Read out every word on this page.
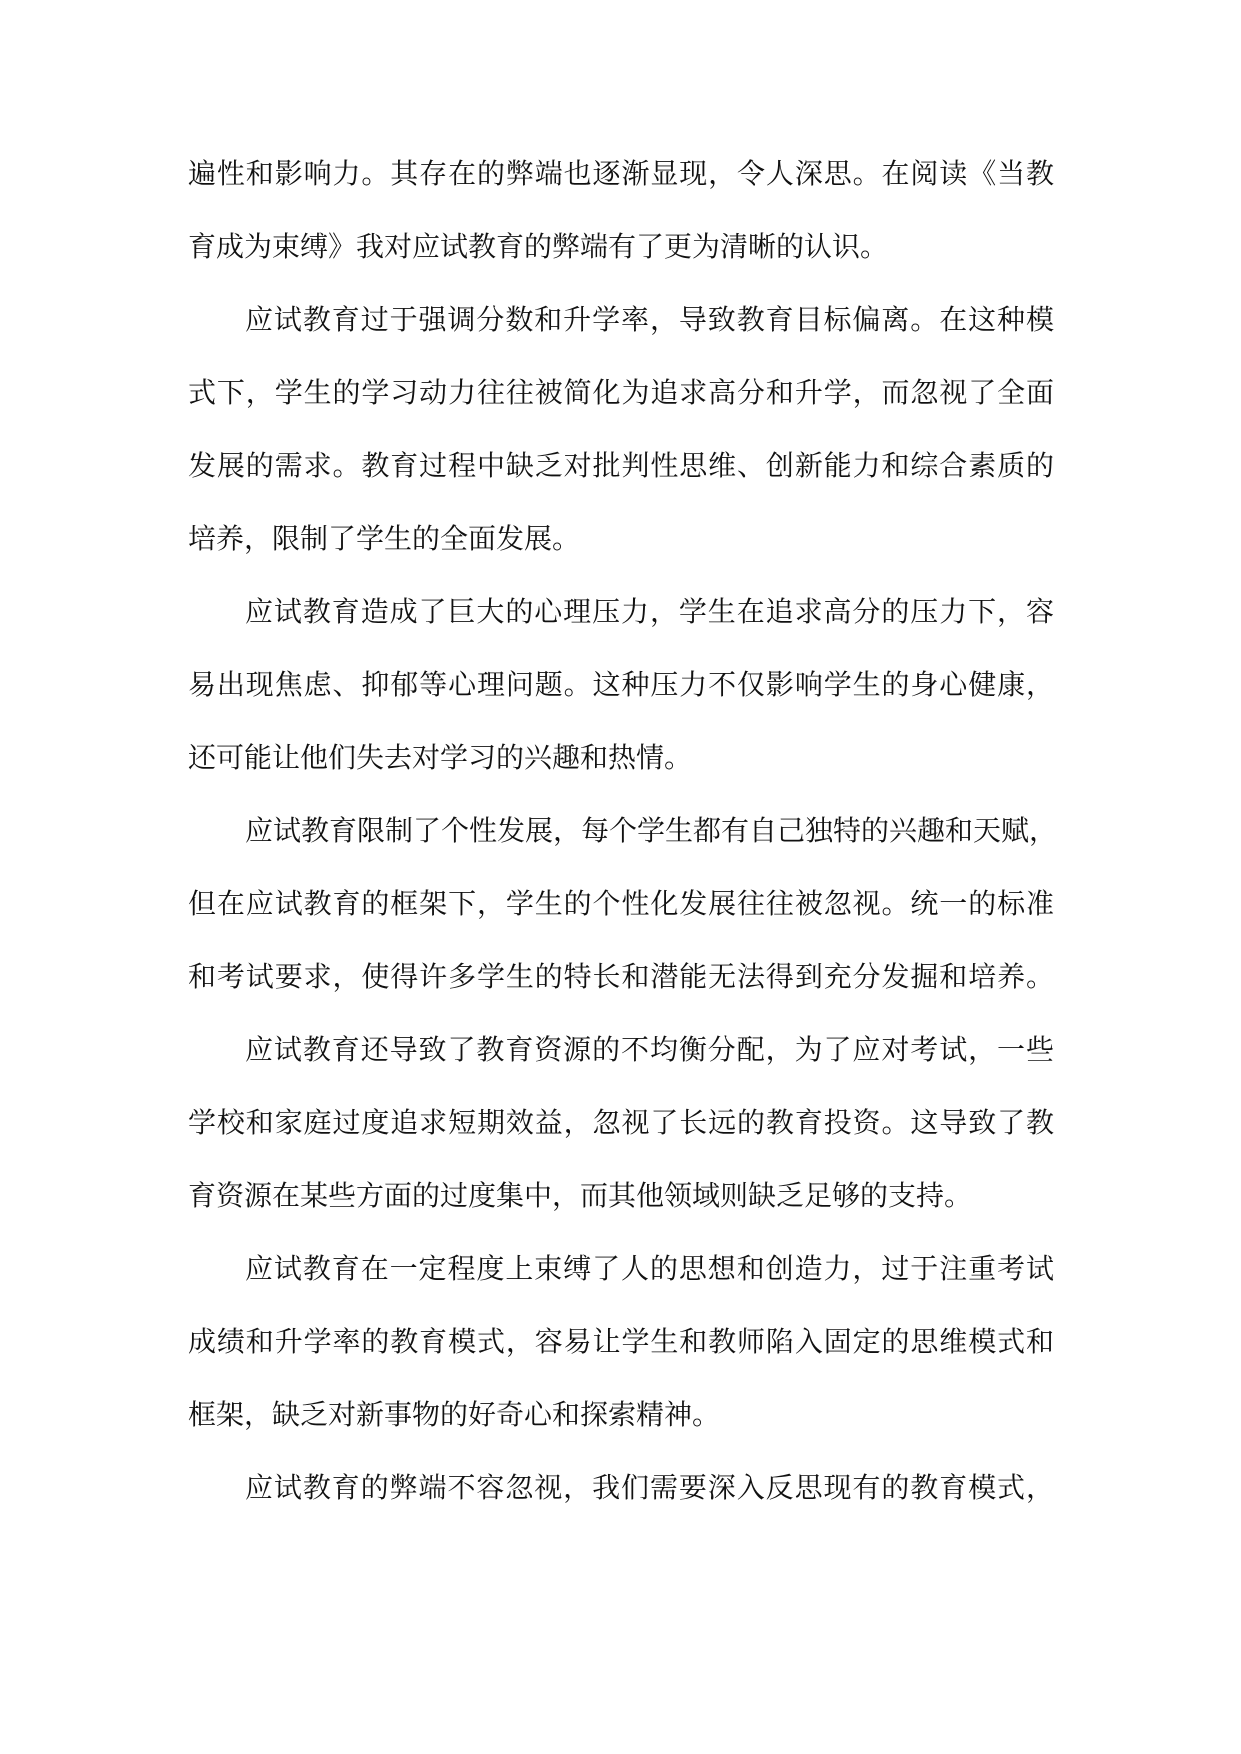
遍性和影响力。其存在的弊端也逐渐显现，令人深思。在阅读《当教
育成为束缚》我对应试教育的弊端有了更为清晰的认识。
应试教育过于强调分数和升学率，导致教育目标偏离。在这种模
式下，学生的学习动力往往被简化为追求高分和升学，而忽视了全面
发展的需求。教育过程中缺乏对批判性思维、创新能力和综合素质的
培养，限制了学生的全面发展。
应试教育造成了巨大的心理压力，学生在追求高分的压力下，容
易出现焦虑、抑郁等心理问题。这种压力不仅影响学生的身心健康，
还可能让他们失去对学习的兴趣和热情。
应试教育限制了个性发展，每个学生都有自己独特的兴趣和天赋，
但在应试教育的框架下，学生的个性化发展往往被忽视。统一的标准
和考试要求，使得许多学生的特长和潜能无法得到充分发掘和培养。
应试教育还导致了教育资源的不均衡分配，为了应对考试，一些
学校和家庭过度追求短期效益，忽视了长远的教育投资。这导致了教
育资源在某些方面的过度集中，而其他领域则缺乏足够的支持。
应试教育在一定程度上束缚了人的思想和创造力，过于注重考试
成绩和升学率的教育模式，容易让学生和教师陷入固定的思维模式和
框架，缺乏对新事物的好奇心和探索精神。
应试教育的弊端不容忽视，我们需要深入反思现有的教育模式，
